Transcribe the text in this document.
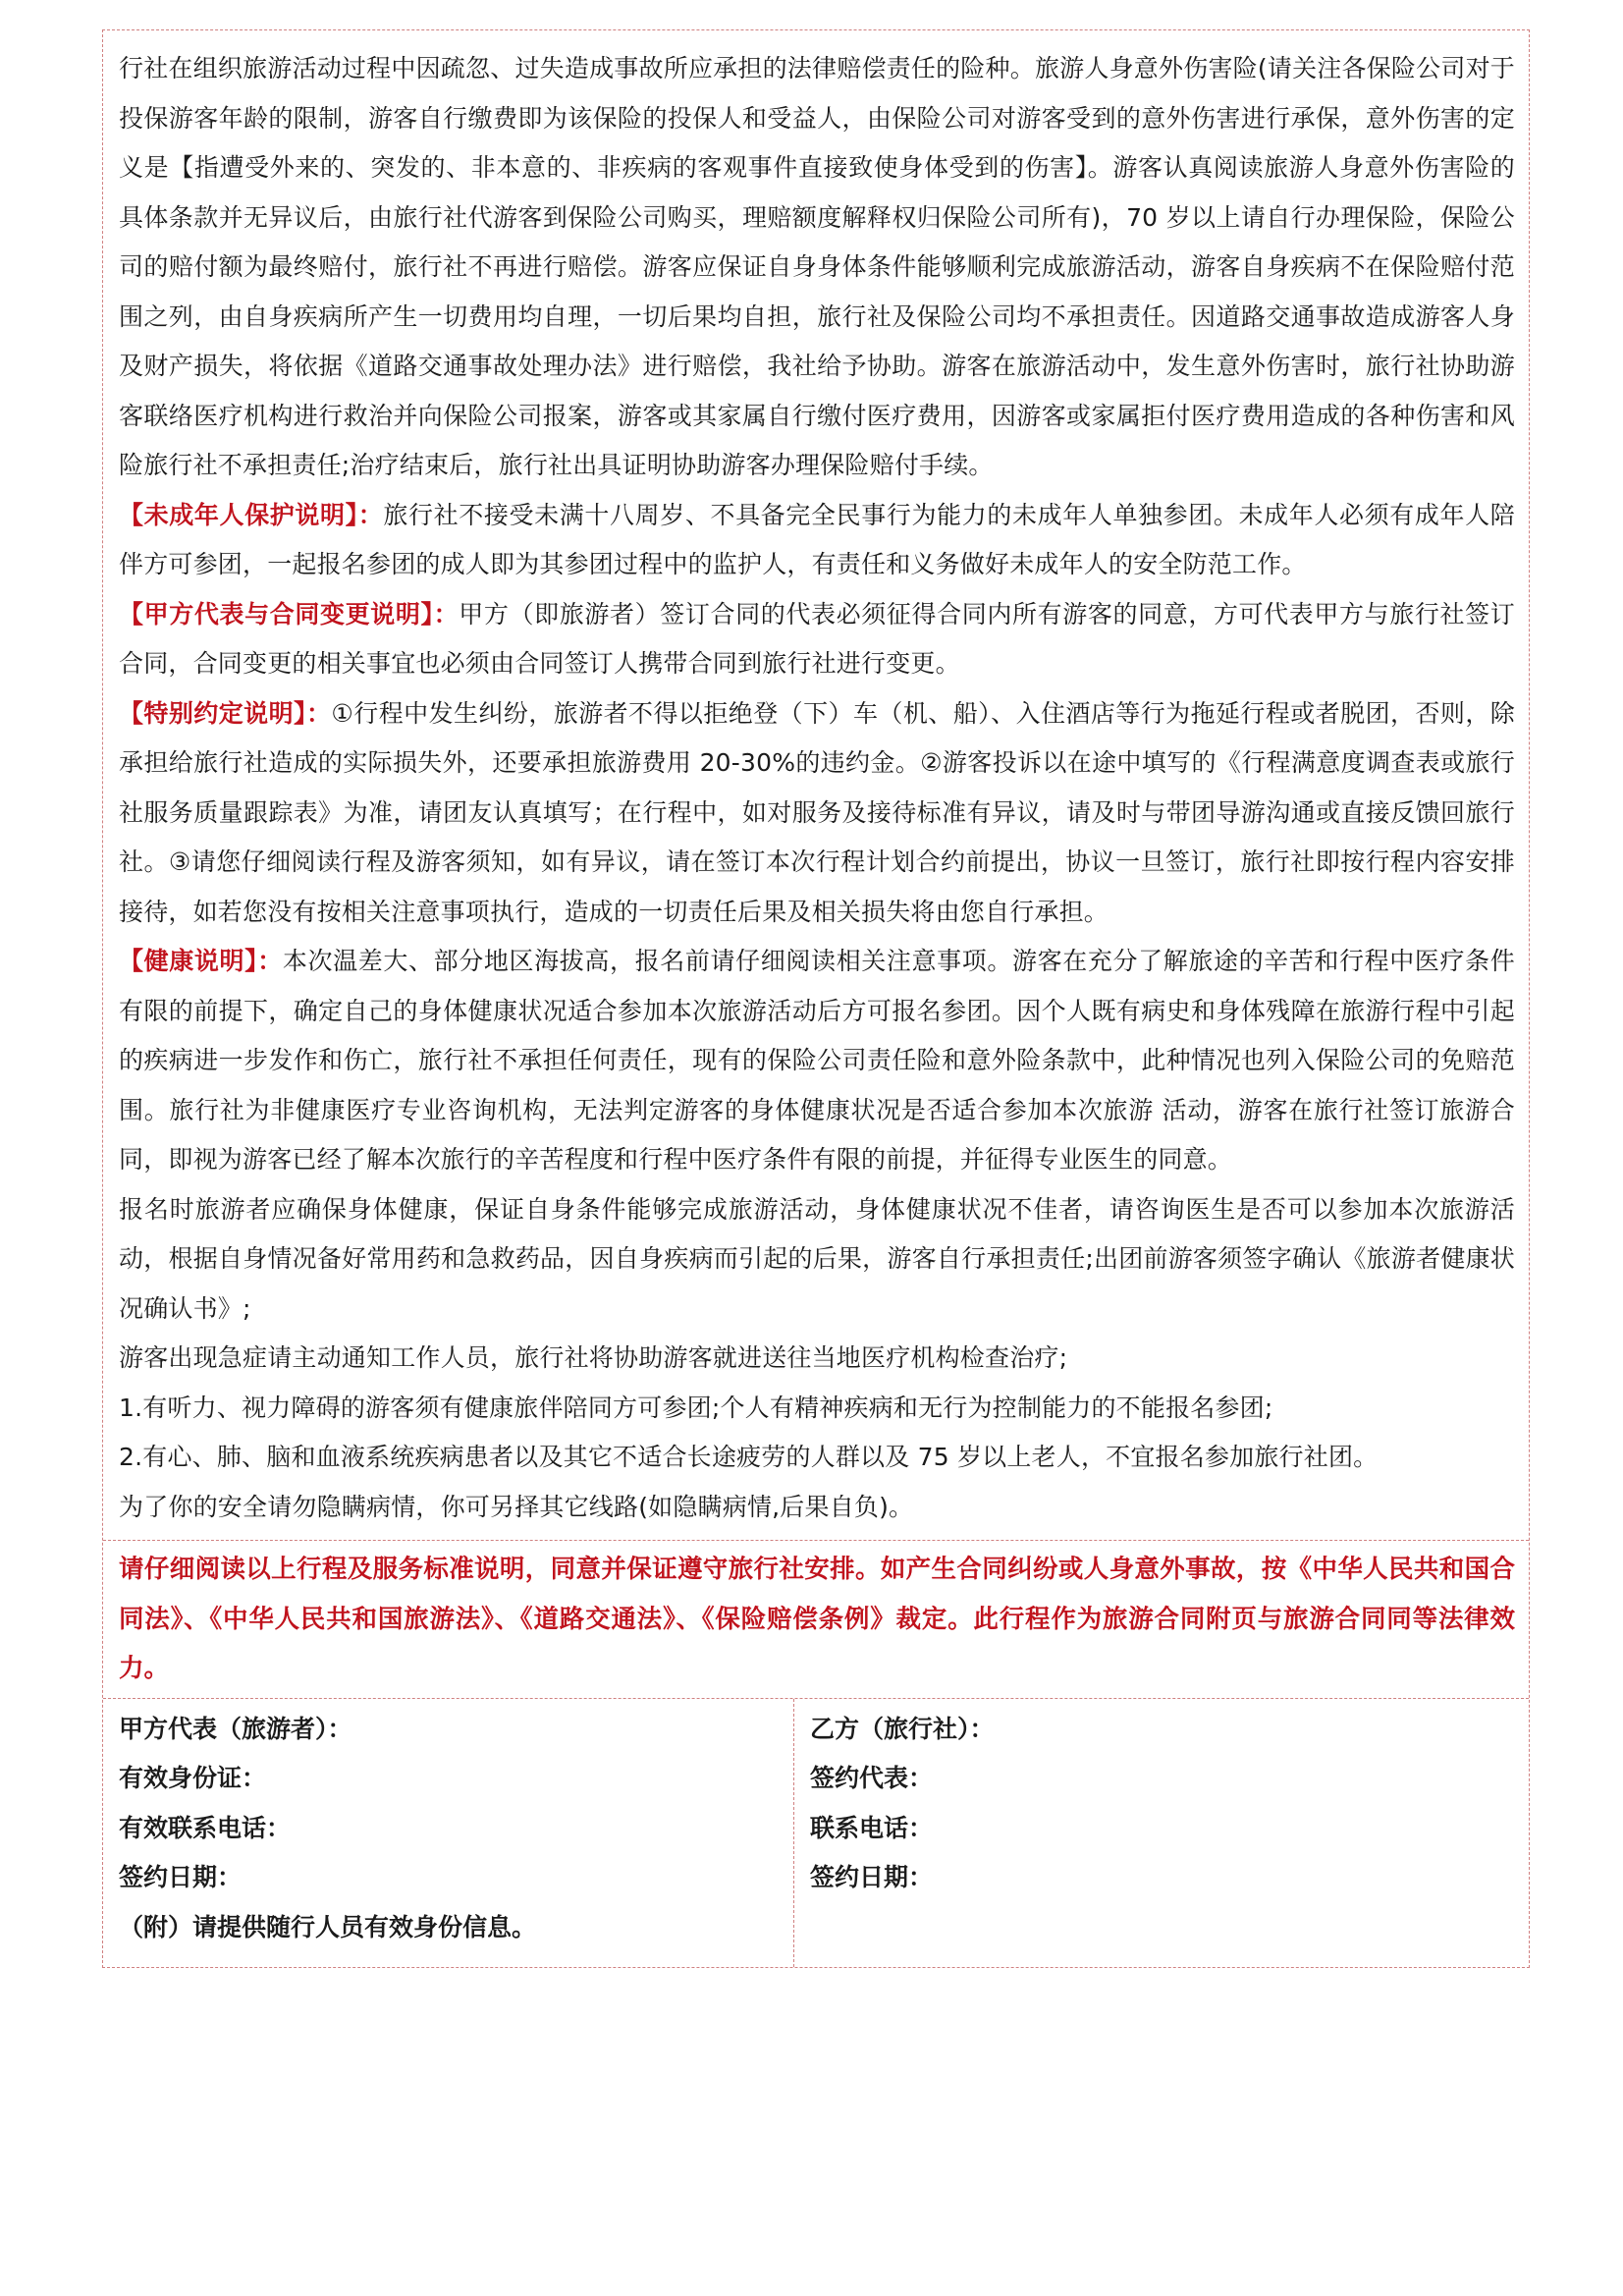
行社在组织旅游活动过程中因疏忽、过失造成事故所应承担的法律赔偿责任的险种。旅游人身意外伤害险(请关注各保险公司对于投保游客年龄的限制，游客自行缴费即为该保险的投保人和受益人，由保险公司对游客受到的意外伤害进行承保，意外伤害的定义是【指遭受外来的、突发的、非本意的、非疾病的客观事件直接致使身体受到的伤害】。游客认真阅读旅游人身意外伤害险的具体条款并无异议后，由旅行社代游客到保险公司购买，理赔额度解释权归保险公司所有)，70 岁以上请自行办理保险，保险公司的赔付额为最终赔付，旅行社不再进行赔偿。游客应保证自身身体条件能够顺利完成旅游活动，游客自身疾病不在保险赔付范围之列，由自身疾病所产生一切费用均自理，一切后果均自担，旅行社及保险公司均不承担责任。因道路交通事故造成游客人身及财产损失，将依据《道路交通事故处理办法》进行赔偿，我社给予协助。游客在旅游活动中，发生意外伤害时，旅行社协助游客联络医疗机构进行救治并向保险公司报案，游客或其家属自行缴付医疗费用，因游客或家属拒付医疗费用造成的各种伤害和风险旅行社不承担责任;治疗结束后，旅行社出具证明协助游客办理保险赔付手续。

【未成年人保护说明】：旅行社不接受未满十八周岁、不具备完全民事行为能力的未成年人单独参团。未成年人必须有成年人陪伴方可参团，一起报名参团的成人即为其参团过程中的监护人，有责任和义务做好未成年人的安全防范工作。

【甲方代表与合同变更说明】：甲方（即旅游者）签订合同的代表必须征得合同内所有游客的同意，方可代表甲方与旅行社签订合同，合同变更的相关事宜也必须由合同签订人携带合同到旅行社进行变更。

【特别约定说明】：①行程中发生纠纷，旅游者不得以拒绝登（下）车（机、船）、入住酒店等行为拖延行程或者脱团，否则，除承担给旅行社造成的实际损失外，还要承担旅游费用 20-30%的违约金。②游客投诉以在途中填写的《行程满意度调查表或旅行社服务质量跟踪表》为准，请团友认真填写；在行程中，如对服务及接待标准有异议，请及时与带团导游沟通或直接反馈回旅行社。③请您仔细阅读行程及游客须知，如有异议，请在签订本次行程计划合约前提出，协议一旦签订，旅行社即按行程内容安排接待，如若您没有按相关注意事项执行，造成的一切责任后果及相关损失将由您自行承担。

【健康说明】：本次温差大、部分地区海拔高，报名前请仔细阅读相关注意事项。游客在充分了解旅途的辛苦和行程中医疗条件有限的前提下，确定自己的身体健康状况适合参加本次旅游活动后方可报名参团。因个人既有病史和身体残障在旅游行程中引起的疾病进一步发作和伤亡，旅行社不承担任何责任，现有的保险公司责任险和意外险条款中，此种情况也列入保险公司的免赔范围。旅行社为非健康医疗专业咨询机构，无法判定游客的身体健康状况是否适合参加本次旅游 活动，游客在旅行社签订旅游合同，即视为游客已经了解本次旅行的辛苦程度和行程中医疗条件有限的前提，并征得专业医生的同意。

报名时旅游者应确保身体健康，保证自身条件能够完成旅游活动，身体健康状况不佳者，请咨询医生是否可以参加本次旅游活动，根据自身情况备好常用药和急救药品，因自身疾病而引起的后果，游客自行承担责任;出团前游客须签字确认《旅游者健康状况确认书》;

游客出现急症请主动通知工作人员，旅行社将协助游客就进送往当地医疗机构检查治疗;

1.有听力、视力障碍的游客须有健康旅伴陪同方可参团;个人有精神疾病和无行为控制能力的不能报名参团;

2.有心、肺、脑和血液系统疾病患者以及其它不适合长途疲劳的人群以及 75 岁以上老人，不宜报名参加旅行社团。

为了你的安全请勿隐瞒病情，你可另择其它线路(如隐瞒病情,后果自负)。

请仔细阅读以上行程及服务标准说明，同意并保证遵守旅行社安排。如产生合同纠纷或人身意外事故，按《中华人民共和国合同法》、《中华人民共和国旅游法》、《道路交通法》、《保险赔偿条例》裁定。此行程作为旅游合同附页与旅游合同同等法律效力。
甲方代表（旅游者）：
有效身份证：
有效联系电话：
签约日期：
（附）请提供随行人员有效身份信息。
乙方（旅行社）：
签约代表：
联系电话：
签约日期：
